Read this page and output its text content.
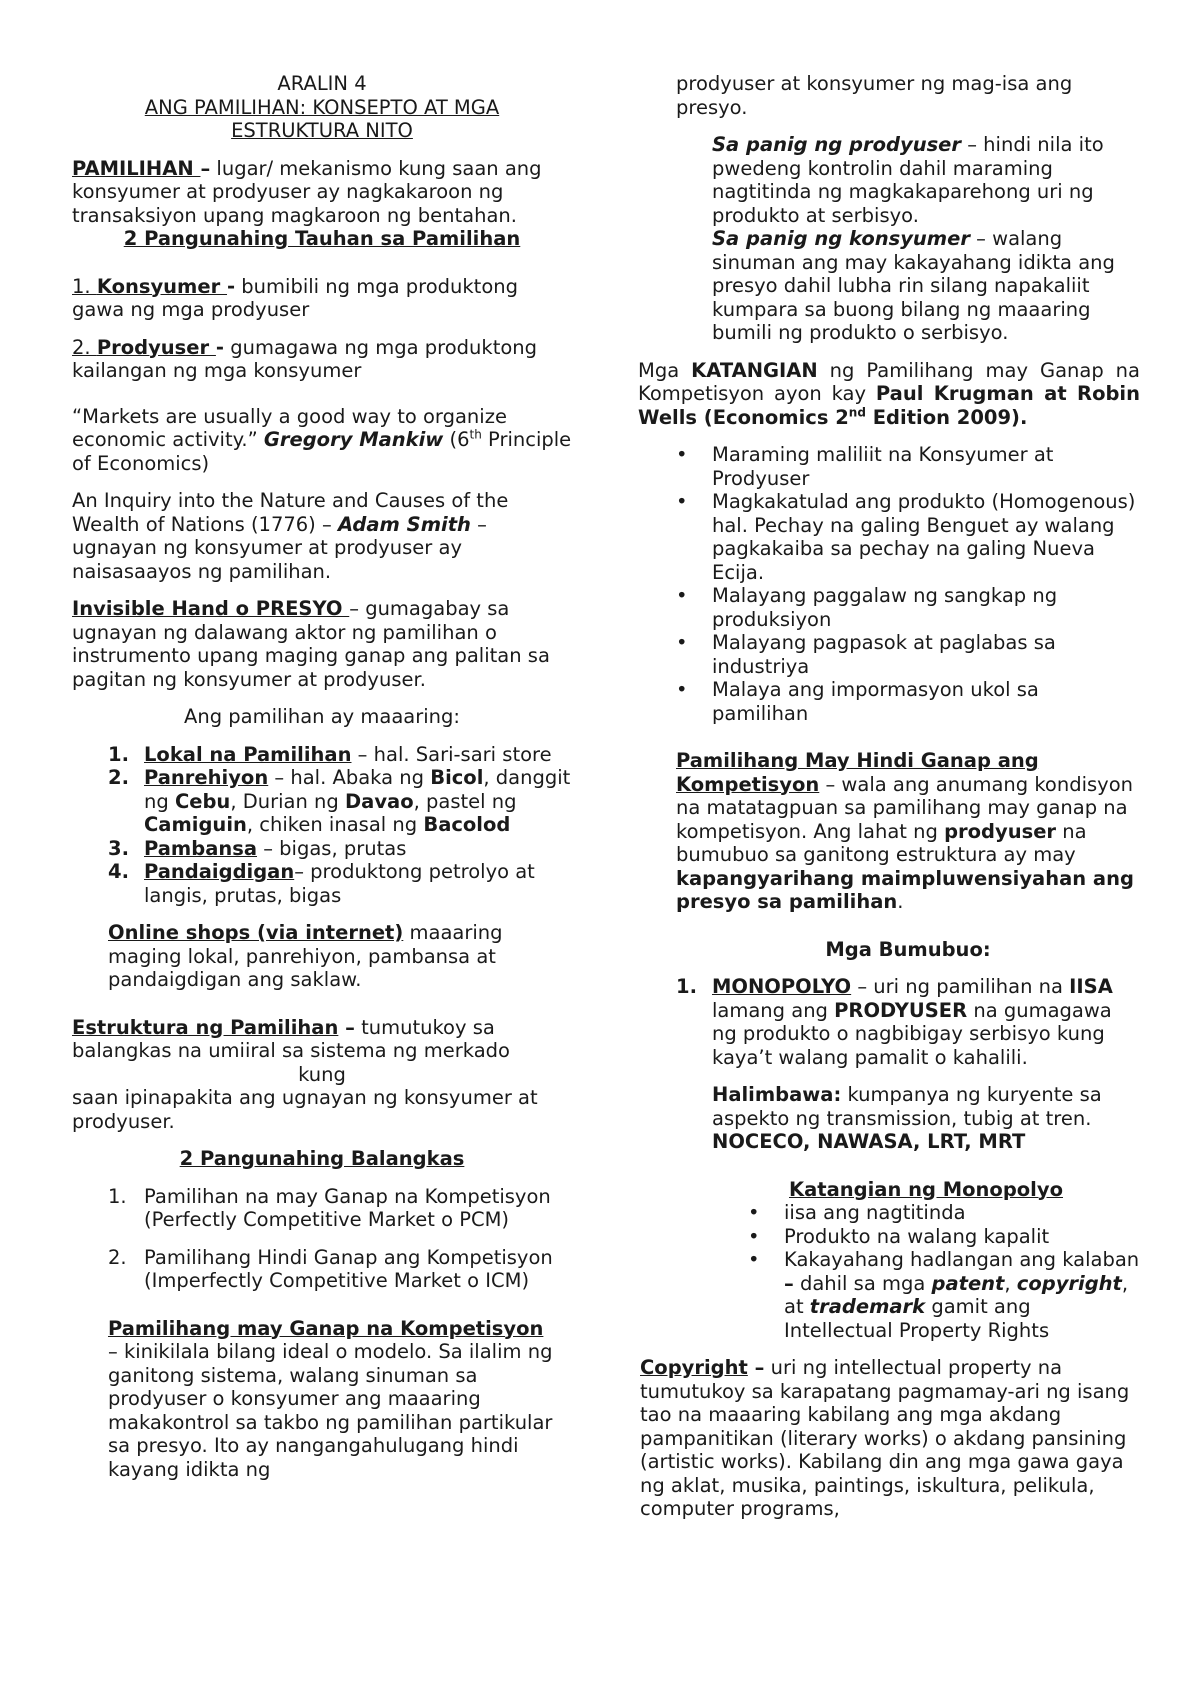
ARALIN 4

ANG PAMILIHAN: KONSEPTO AT MGA

ESTRUKTURA NITO

PAMILIHAN – lugar/ mekanismo kung saan ang konsyumer at prodyuser ay nagkakaroon ng transaksiyon upang magkaroon ng bentahan.

2 Pangunahing Tauhan sa Pamilihan

1. Konsyumer - bumibili ng mga produktong gawa ng mga prodyuser

2. Prodyuser - gumagawa ng mga produktong kailangan ng mga konsyumer

“Markets are usually a good way to organize economic activity.” Gregory Mankiw (6th Principle of Economics)

An Inquiry into the Nature and Causes of the Wealth of Nations (1776) – Adam Smith – ugnayan ng konsyumer at prodyuser ay naisasaayos ng pamilihan.

Invisible Hand o PRESYO – gumagabay sa ugnayan ng dalawang aktor ng pamilihan o instrumento upang maging ganap ang palitan sa pagitan ng konsyumer at prodyuser.

Ang pamilihan ay maaaring:

1. Lokal na Pamilihan – hal. Sari-sari store
2. Panrehiyon – hal. Abaka ng Bicol, danggit ng Cebu, Durian ng Davao, pastel ng Camiguin, chiken inasal ng Bacolod
3. Pambansa – bigas, prutas
4. Pandaigdigan– produktong petrolyo at langis, prutas, bigas

Online shops (via internet) maaaring maging lokal, panrehiyon, pambansa at pandaigdigan ang saklaw.

Estruktura ng Pamilihan – tumutukoy sa balangkas na umiiral sa sistema ng merkado

kung

saan ipinapakita ang ugnayan ng konsyumer at prodyuser.

2 Pangunahing Balangkas

1. Pamilihan na may Ganap na Kompetisyon (Perfectly Competitive Market o PCM)
2. Pamilihang Hindi Ganap ang Kompetisyon (Imperfectly Competitive Market o ICM)

Pamilihang may Ganap na Kompetisyon

– kinikilala bilang ideal o modelo. Sa ilalim ng ganitong sistema, walang sinuman sa prodyuser o konsyumer ang maaaring makakontrol sa takbo ng pamilihan partikular sa presyo. Ito ay nangangahulugang hindi kayang idikta ng

prodyuser at konsyumer ng mag-isa ang presyo.

Sa panig ng prodyuser – hindi nila ito pwedeng kontrolin dahil maraming nagtitinda ng magkakaparehong uri ng produkto at serbisyo.

Sa panig ng konsyumer – walang sinuman ang may kakayahang idikta ang presyo dahil lubha rin silang napakaliit kumpara sa buong bilang ng maaaring bumili ng produkto o serbisyo.

Mga KATANGIAN ng Pamilihang may Ganap na Kompetisyon ayon kay Paul Krugman at Robin Wells (Economics 2nd Edition 2009).

• Maraming maliliit na Konsyumer at Prodyuser
• Magkakatulad ang produkto (Homogenous) hal. Pechay na galing Benguet ay walang pagkakaiba sa pechay na galing Nueva Ecija.
• Malayang paggalaw ng sangkap ng produksiyon
• Malayang pagpasok at paglabas sa industriya
• Malaya ang impormasyon ukol sa pamilihan

Pamilihang May Hindi Ganap ang Kompetisyon – wala ang anumang kondisyon na matatagpuan sa pamilihang may ganap na kompetisyon. Ang lahat ng prodyuser na bumubuo sa ganitong estruktura ay may kapangyarihang maimpluwensiyahan ang presyo sa pamilihan.

Mga Bumubuo:

1. MONOPOLYO – uri ng pamilihan na IISA lamang ang PRODYUSER na gumagawa ng produkto o nagbibigay serbisyo kung kaya’t walang pamalit o kahalili.

Halimbawa: kumpanya ng kuryente sa aspekto ng transmission, tubig at tren.

NOCECO, NAWASA, LRT, MRT

Katangian ng Monopolyo

• iisa ang nagtitinda
• Produkto na walang kapalit
• Kakayahang hadlangan ang kalaban – dahil sa mga patent, copyright, at trademark gamit ang Intellectual Property Rights

Copyright – uri ng intellectual property na tumutukoy sa karapatang pagmamay-ari ng isang tao na maaaring kabilang ang mga akdang pampanitikan (literary works) o akdang pansining (artistic works). Kabilang din ang mga gawa gaya ng aklat, musika, paintings, iskultura, pelikula, computer programs,
